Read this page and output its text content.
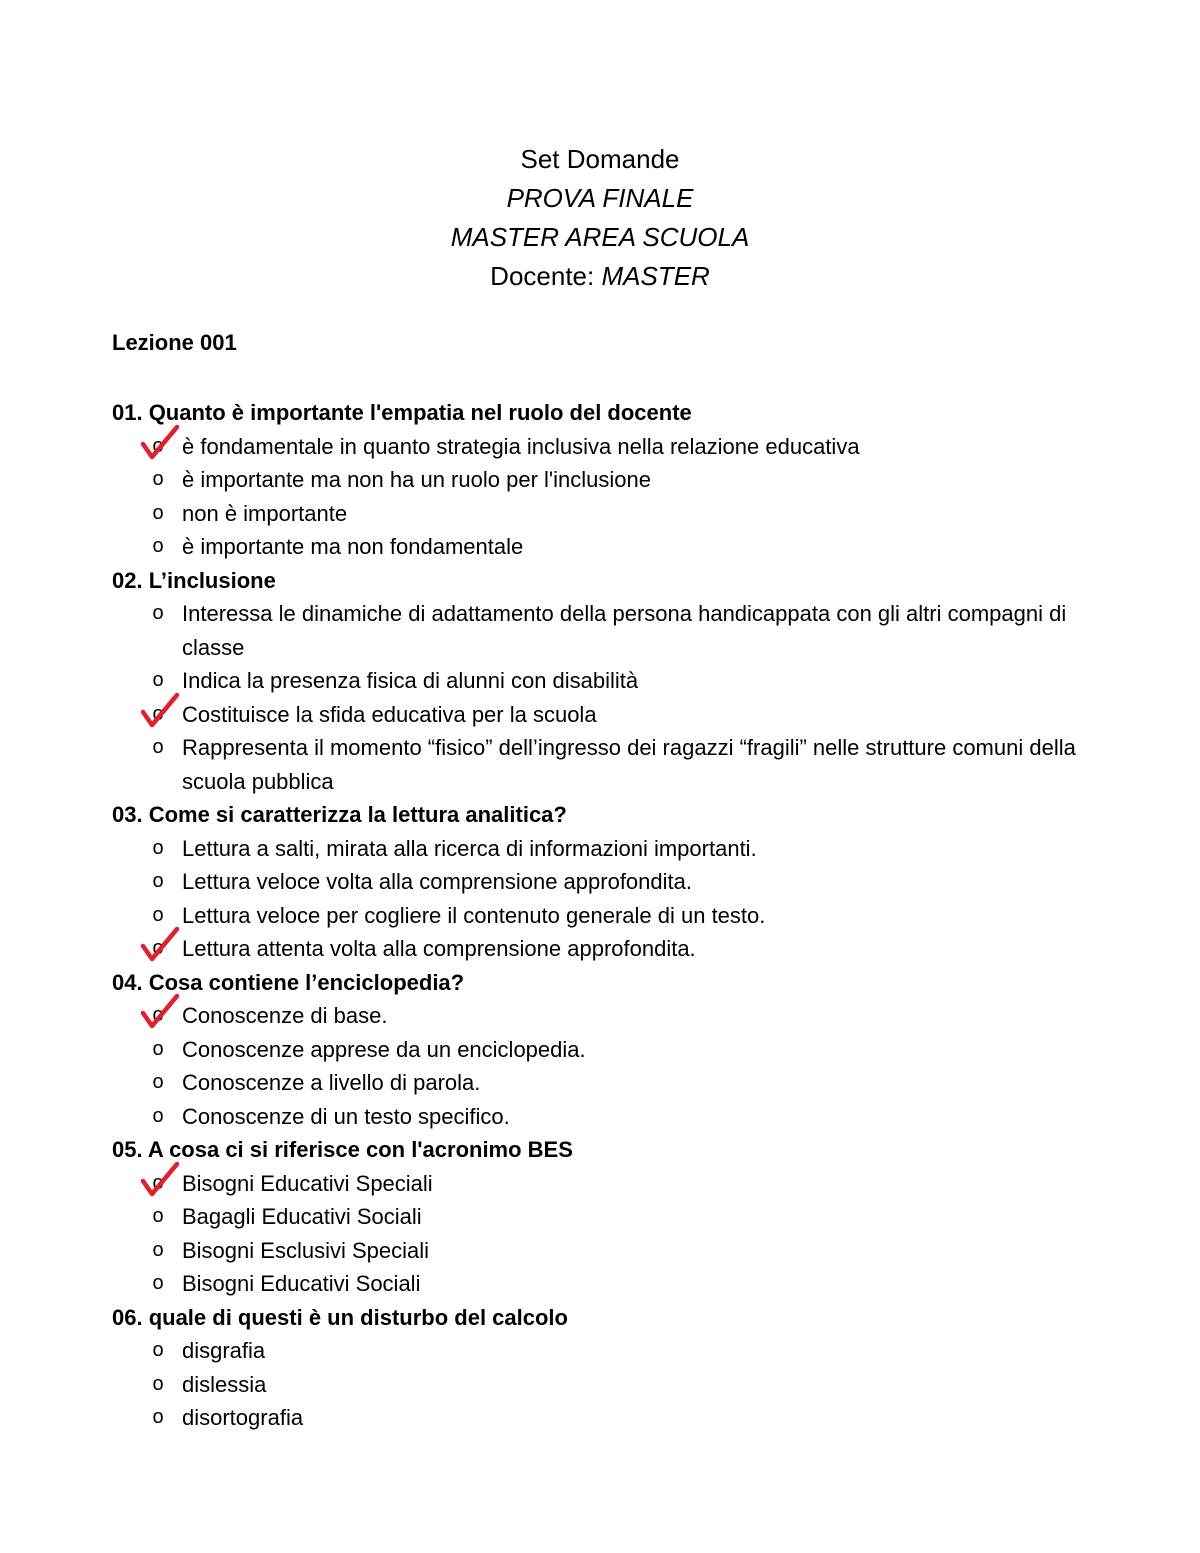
Set Domande
PROVA FINALE
MASTER AREA SCUOLA
Docente: MASTER
Lezione 001
01. Quanto è importante l'empatia nel ruolo del docente
o è fondamentale in quanto strategia inclusiva nella relazione educativa
o è importante ma non ha un ruolo per l'inclusione
o non è importante
o è importante ma non fondamentale
02. L’inclusione
o Interessa le dinamiche di adattamento della persona handicappata con gli altri compagni di classe
o Indica la presenza fisica di alunni con disabilità
o Costituisce la sfida educativa per la scuola
o Rappresenta il momento “fisico” dell’ingresso dei ragazzi “fragili” nelle strutture comuni della scuola pubblica
03. Come si caratterizza la lettura analitica?
o Lettura a salti, mirata alla ricerca di informazioni importanti.
o Lettura veloce volta alla comprensione approfondita.
o Lettura veloce per cogliere il contenuto generale di un testo.
o Lettura attenta volta alla comprensione approfondita.
04. Cosa contiene l’enciclopedia?
o Conoscenze di base.
o Conoscenze apprese da un enciclopedia.
o Conoscenze a livello di parola.
o Conoscenze di un testo specifico.
05. A cosa ci si riferisce con l'acronimo BES
o Bisogni Educativi Speciali
o Bagagli Educativi Sociali
o Bisogni Esclusivi Speciali
o Bisogni Educativi Sociali
06. quale di questi è un disturbo del calcolo
o disgrafia
o dislessia
o disortografia
